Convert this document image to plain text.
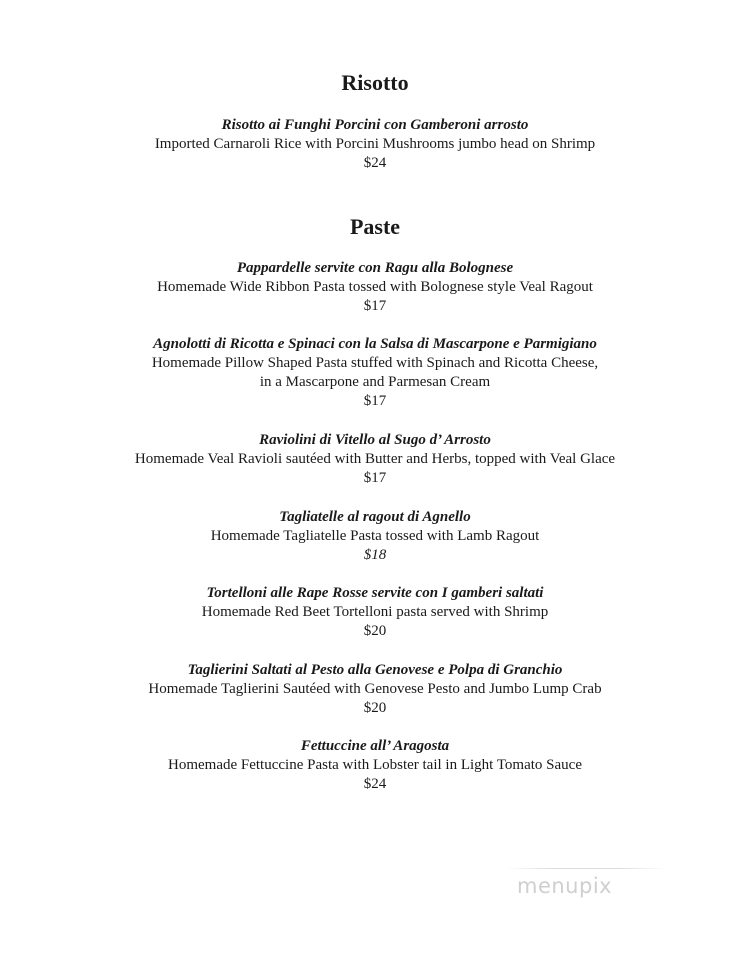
Risotto
Risotto ai Funghi Porcini con Gamberoni arrosto
Imported Carnaroli Rice with Porcini Mushrooms jumbo head on Shrimp
$24
Paste
Pappardelle servite con Ragu alla Bolognese
Homemade Wide Ribbon Pasta tossed with Bolognese style Veal Ragout
$17
Agnolotti di Ricotta e Spinaci con la Salsa di Mascarpone e Parmigiano
Homemade Pillow Shaped Pasta stuffed with Spinach and Ricotta Cheese,
in a Mascarpone and Parmesan Cream
$17
Raviolini di Vitello al Sugo d’ Arrosto
Homemade Veal Ravioli sautéed with Butter and Herbs, topped with Veal Glace
$17
Tagliatelle al ragout di Agnello
Homemade Tagliatelle Pasta tossed with Lamb Ragout
$18
Tortelloni alle Rape Rosse servite con I gamberi saltati
Homemade Red Beet Tortelloni pasta served with Shrimp
$20
Taglierini Saltati al Pesto alla Genovese e Polpa di Granchio
Homemade Taglierini Sautéed with Genovese Pesto and Jumbo Lump Crab
$20
Fettuccine all’ Aragosta
Homemade Fettuccine Pasta with Lobster tail in Light Tomato Sauce
$24
menupix
